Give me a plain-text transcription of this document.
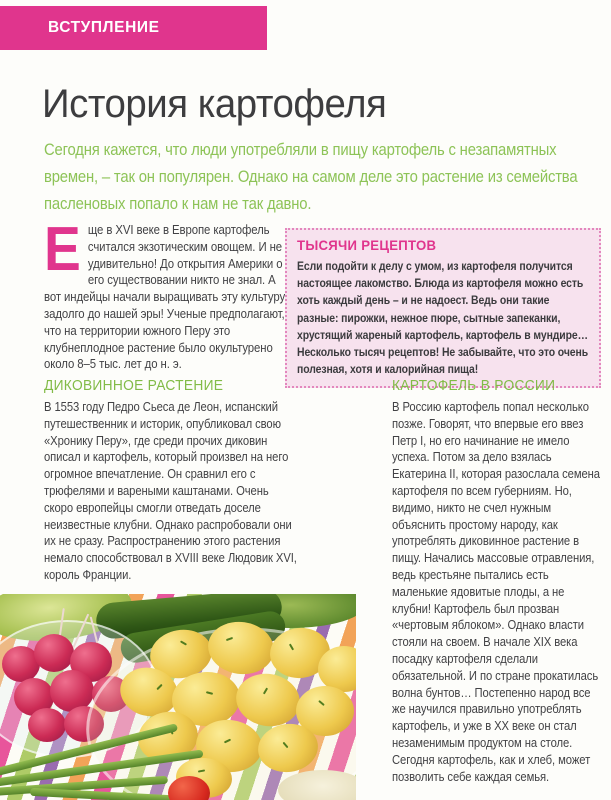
ВСТУПЛЕНИЕ
История картофеля

Сегодня кажется, что люди употребляли в пищу картофель с незапамятных времен, – так он популярен. Однако на самом деле это растение из семейства пасленовых попало к нам не так давно.

Еще в XVI веке в Европе картофель считался экзотическим овощем. И не удивительно! До открытия Америки о его существовании никто не знал. А вот индейцы начали выращивать эту культуру задолго до нашей эры! Ученые предполагают, что на территории южного Перу это клубнеплодное растение было окультурено около 8–5 тыс. лет до н. э.
ТЫСЯЧИ РЕЦЕПТОВ

Если подойти к делу с умом, из картофеля получится настоящее лакомство. Блюда из картофеля можно есть хоть каждый день – и не надоест. Ведь они такие разные: пирожки, нежное пюре, сытные запеканки, хрустящий жареный картофель, картофель в мундире… Несколько тысяч рецептов! Не забывайте, что это очень полезная, хотя и калорийная пища!

ДИКОВИННОЕ РАСТЕНИЕ

В 1553 году Педро Сьеса де Леон, испанский путешественник и историк, опубликовал свою «Хронику Перу», где среди прочих диковин описал и картофель, который произвел на него огромное впечатление. Он сравнил его с трюфелями и вареными каштанами. Очень скоро европейцы смогли отведать доселе неизвестные клубни. Однако распробовали они их не сразу. Распространению этого растения немало способствовал в XVIII веке Людовик XVI, король Франции.

КАРТОФЕЛЬ В РОССИИ

В Россию картофель попал несколько позже. Говорят, что впервые его ввез Петр I, но его начинание не имело успеха. Потом за дело взялась Екатерина II, которая разослала семена картофеля по всем губерниям. Но, видимо, никто не счел нужным объяснить простому народу, как употреблять диковинное растение в пищу. Начались массовые отравления, ведь крестьяне пытались есть маленькие ядовитые плоды, а не клубни! Картофель был прозван «чертовым яблоком». Однако власти стояли на своем. В начале XIX века посадку картофеля сделали обязательной. И по стране прокатилась волна бунтов… Постепенно народ все же научился правильно употреблять картофель, и уже в ХХ веке он стал незаменимым продуктом на столе. Сегодня картофель, как и хлеб, может позволить себе каждая семья.
